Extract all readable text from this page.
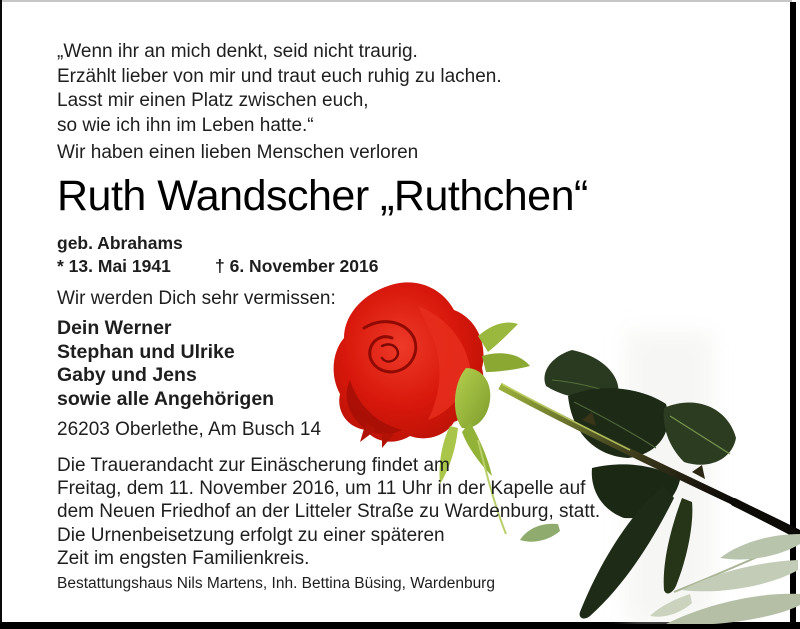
„Wenn ihr an mich denkt, seid nicht traurig.
Erzählt lieber von mir und traut euch ruhig zu lachen.
Lasst mir einen Platz zwischen euch,
so wie ich ihn im Leben hatte.“
Wir haben einen lieben Menschen verloren
Ruth Wandscher „Ruthchen“
geb. Abrahams
* 13. Mai 1941	† 6. November 2016
Wir werden Dich sehr vermissen:
Dein Werner
Stephan und Ulrike
Gaby und Jens
sowie alle Angehörigen
26203 Oberlethe, Am Busch 14
Die Trauerandacht zur Einäscherung findet am
Freitag, dem 11. November 2016, um 11 Uhr in der Kapelle auf
dem Neuen Friedhof an der Litteler Straße zu Wardenburg, statt.
Die Urnenbeisetzung erfolgt zu einer späteren
Zeit im engsten Familienkreis.
Bestattungshaus Nils Martens, Inh. Bettina Büsing, Wardenburg
